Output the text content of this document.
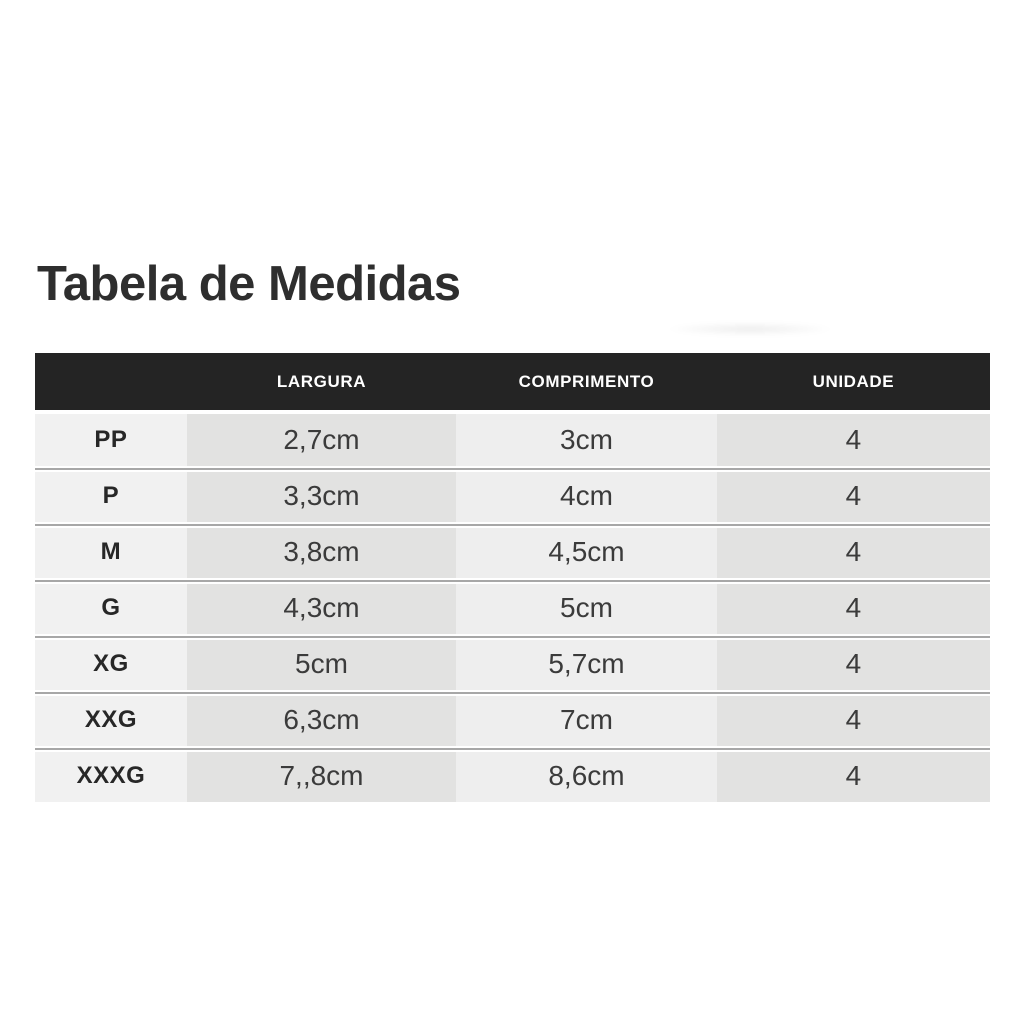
Tabela de Medidas
	LARGURA	COMPRIMENTO	UNIDADE
PP	2,7cm	3cm	4
P	3,3cm	4cm	4
M	3,8cm	4,5cm	4
G	4,3cm	5cm	4
XG	5cm	5,7cm	4
XXG	6,3cm	7cm	4
XXXG	7,,8cm	8,6cm	4
